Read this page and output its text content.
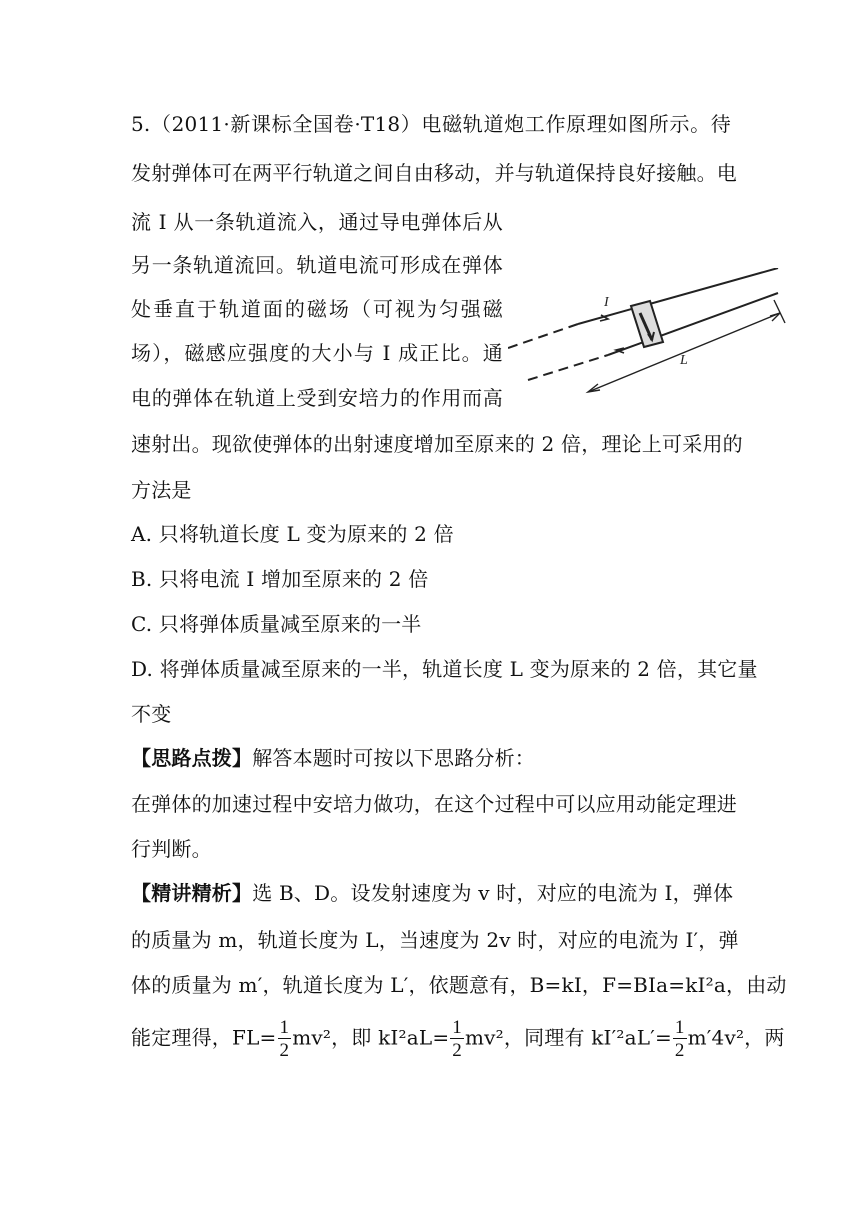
5.（2011·新课标全国卷·T18）电磁轨道炮工作原理如图所示。待
发射弹体可在两平行轨道之间自由移动，并与轨道保持良好接触。电
流 I 从一条轨道流入，通过导电弹体后从
另一条轨道流回。轨道电流可形成在弹体
处垂直于轨道面的磁场（可视为匀强磁
场），磁感应强度的大小与 I 成正比。通
电的弹体在轨道上受到安培力的作用而高
速射出。现欲使弹体的出射速度增加至原来的 2 倍，理论上可采用的
方法是
I
L
A. 只将轨道长度 L 变为原来的 2 倍
B. 只将电流 I 增加至原来的 2 倍
C. 只将弹体质量减至原来的一半
D. 将弹体质量减至原来的一半，轨道长度 L 变为原来的 2 倍，其它量
不变
【思路点拨】解答本题时可按以下思路分析：
在弹体的加速过程中安培力做功，在这个过程中可以应用动能定理进
行判断。
【精讲精析】选 B、D。设发射速度为 v 时，对应的电流为 I，弹体
的质量为 m，轨道长度为 L，当速度为 2v 时，对应的电流为 I′，弹
体的质量为 m′，轨道长度为 L′，依题意有，B=kI，F=BIa=kI²a，由动
能定理得，$FL= \frac{1}{2} mv^2$，即 $kI^2aL= \frac{1}{2} mv^2$，同理有 $kI'^2aL'= \frac{1}{2} m'4v^2$，两
